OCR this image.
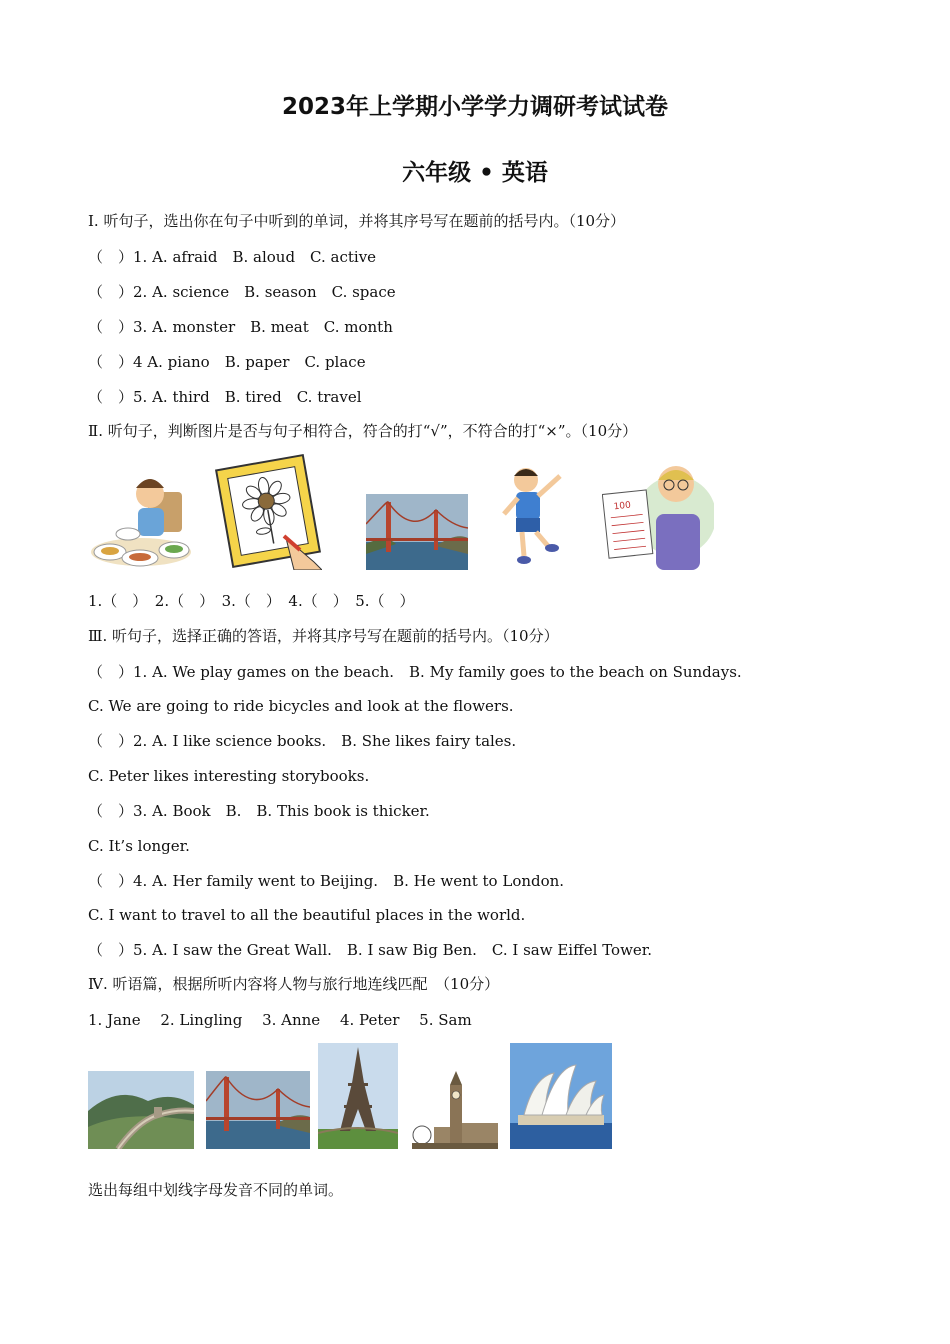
2023年上学期小学学力调研考试试卷
六年级 • 英语
Ⅰ. 听句子，选出你在句子中听到的单词，并将其序号写在题前的括号内。（10分）
（　）1. A. afraid　B. aloud　C. active
（　）2. A. science　B. season　C. space
（　）3. A. monster　B. meat　C. month
（　）4 A. piano　B. paper　C. place
（　）5. A. third　B. tired　C. travel
Ⅱ. 听句子，判断图片是否与句子相符合，符合的打“√”，不符合的打“×”。（10分）
100
1.（　）　2.（　）　3.（　）　4.（　）　5.（　）
Ⅲ. 听句子，选择正确的答语，并将其序号写在题前的括号内。（10分）
（　）1. A. We play games on the beach.　B. My family goes to the beach on Sundays.
C. We are going to ride bicycles and look at the flowers.
（　）2. A. I like science books.　B. She likes fairy tales.
C. Peter likes interesting storybooks.
（　）3. A. Book　B.　B. This book is thicker.
C. It’s longer.
（　）4. A. Her family went to Beijing.　B. He went to London.
C. I want to travel to all the beautiful places in the world.
（　）5. A. I saw the Great Wall.　B. I saw Big Ben.　C. I saw Eiffel Tower.
Ⅳ. 听语篇，根据所听内容将人物与旅行地连线匹配　（10分）
1. Jane　 2. Lingling　 3. Anne　 4. Peter　 5. Sam
选出每组中划线字母发音不同的单词。
